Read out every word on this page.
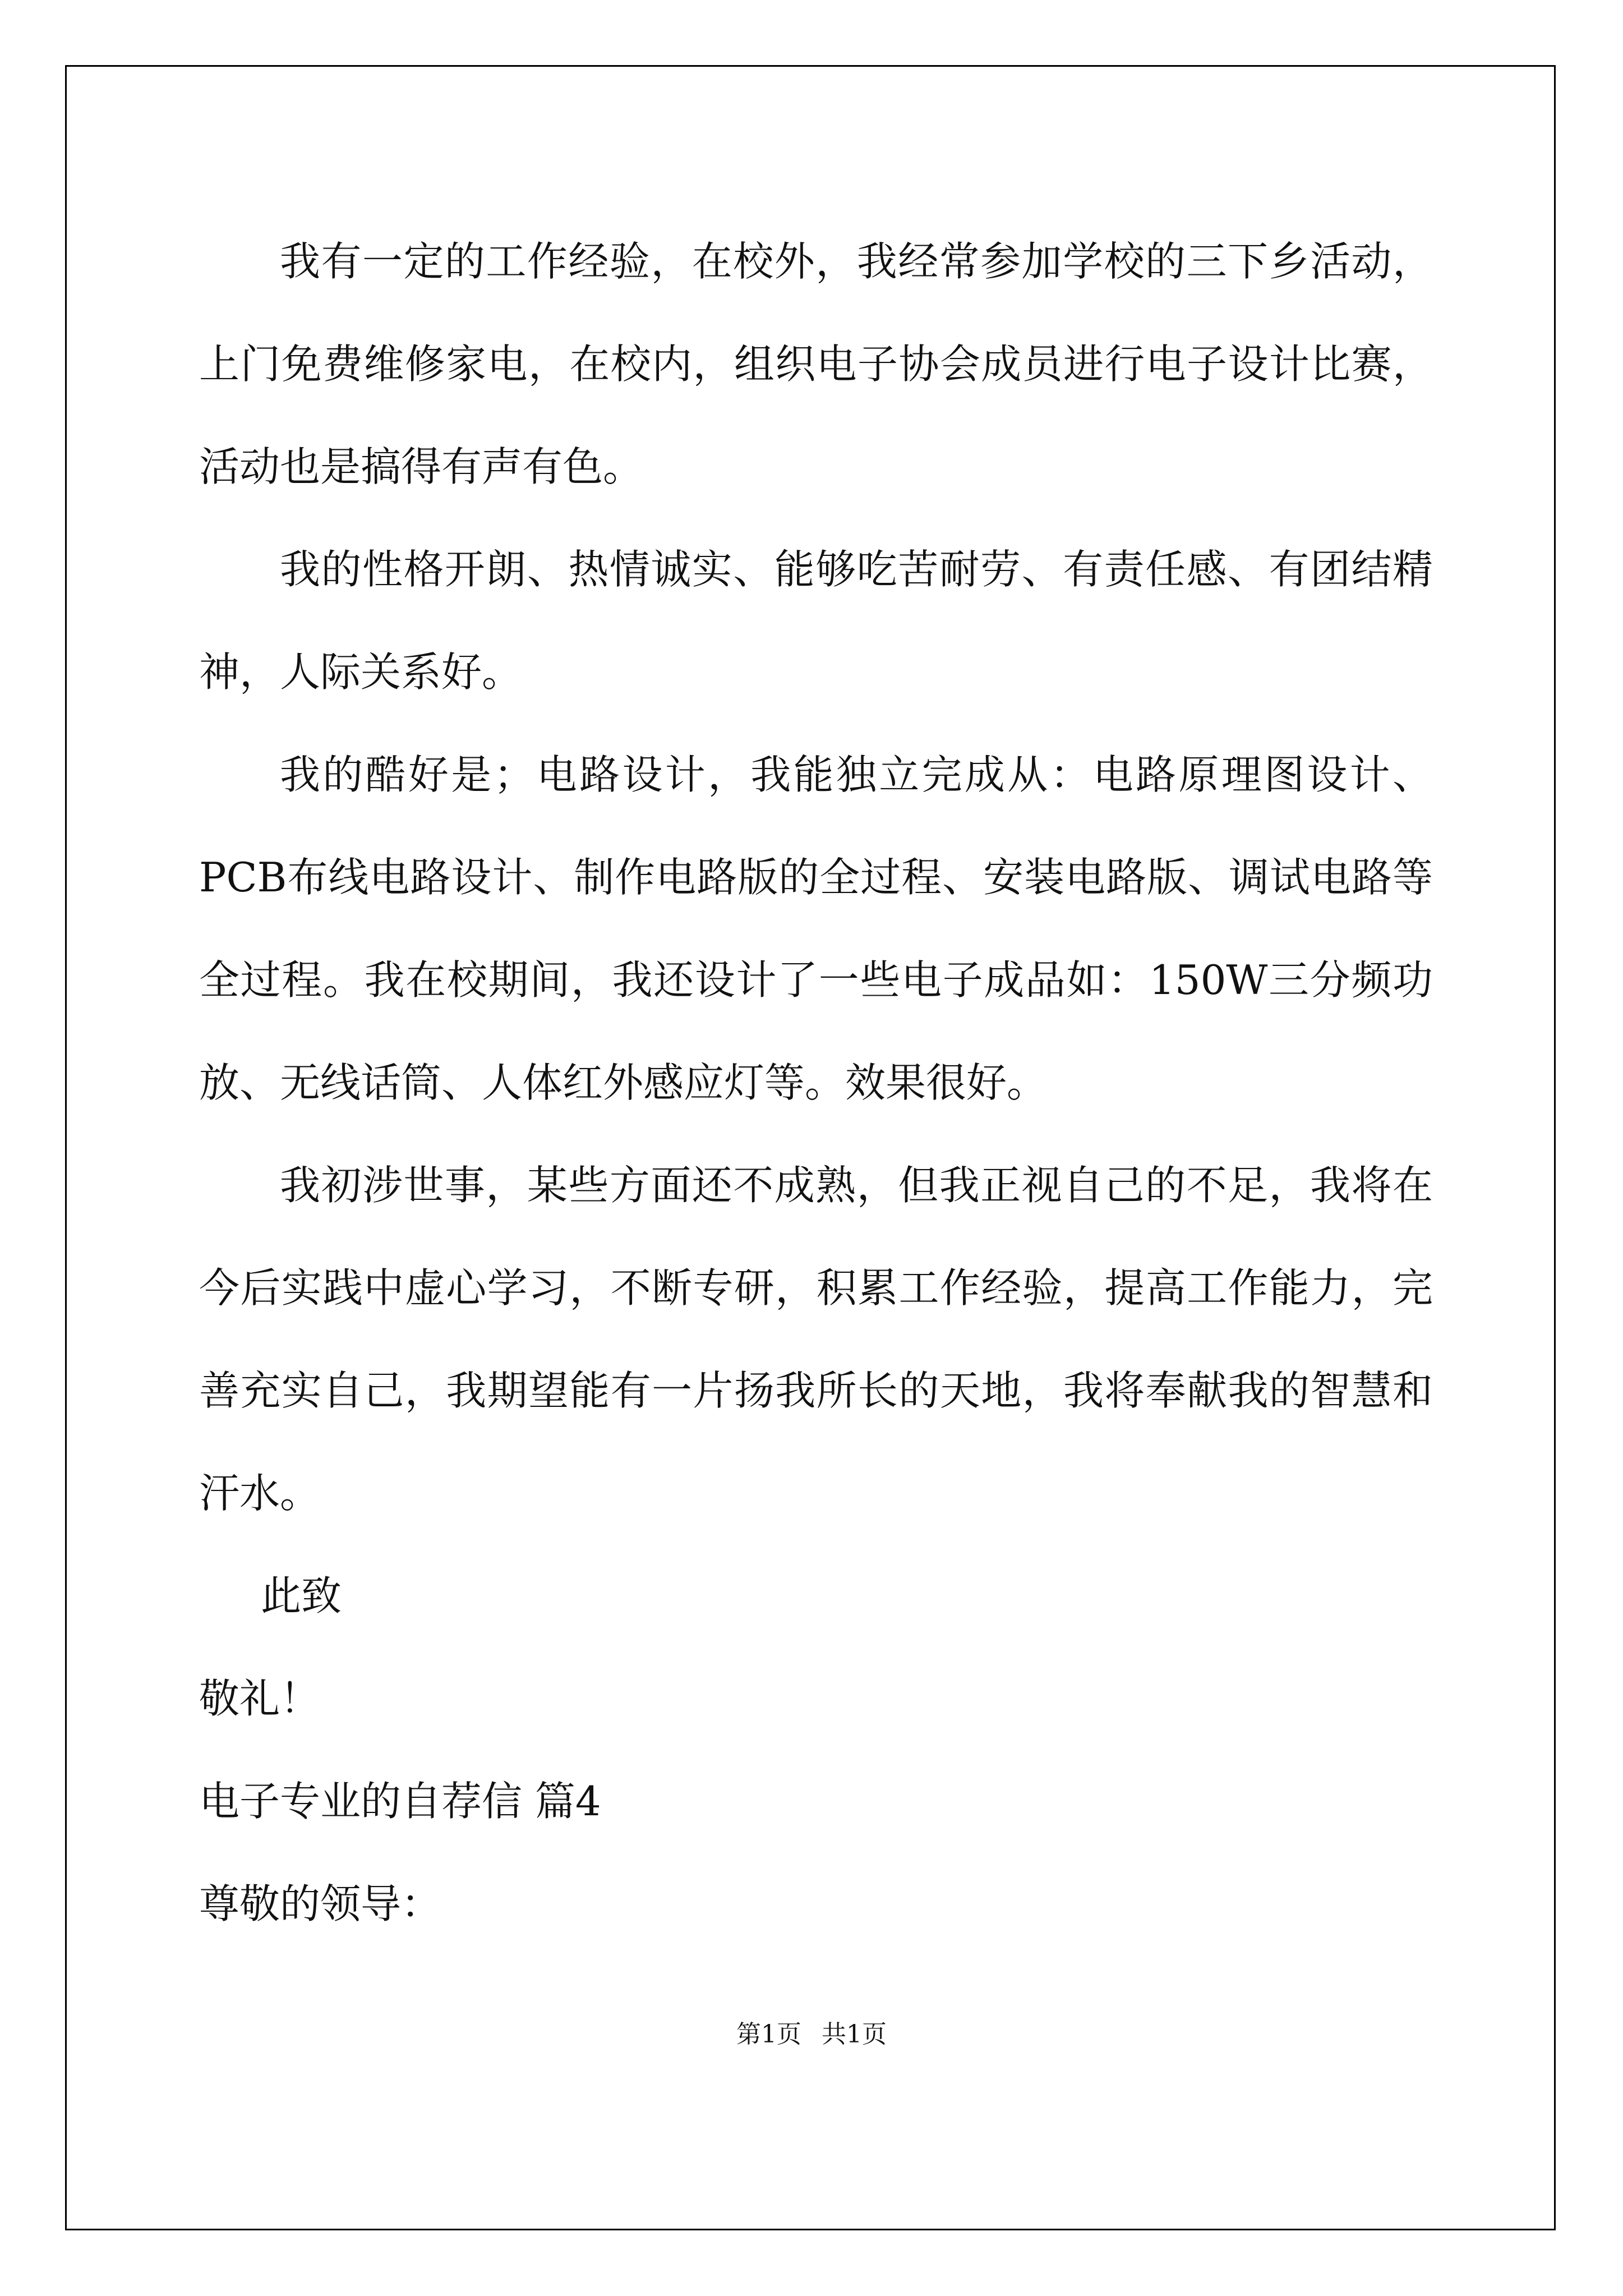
我有一定的工作经验，在校外，我经常参加学校的三下乡活动，上门免费维修家电，在校内，组织电子协会成员进行电子设计比赛，活动也是搞得有声有色。

我的性格开朗、热情诚实、能够吃苦耐劳、有责任感、有团结精神，人际关系好。

我的酷好是；电路设计，我能独立完成从：电路原理图设计、PCB布线电路设计、制作电路版的全过程、安装电路版、调试电路等全过程。我在校期间，我还设计了一些电子成品如：150W三分频功放、无线话筒、人体红外感应灯等。效果很好。

我初涉世事，某些方面还不成熟，但我正视自己的不足，我将在今后实践中虚心学习，不断专研，积累工作经验，提高工作能力，完善充实自己，我期望能有一片扬我所长的天地，我将奉献我的智慧和汗水。

此致

敬礼！

电子专业的自荐信 篇4

尊敬的领导：

第1页 共1页
